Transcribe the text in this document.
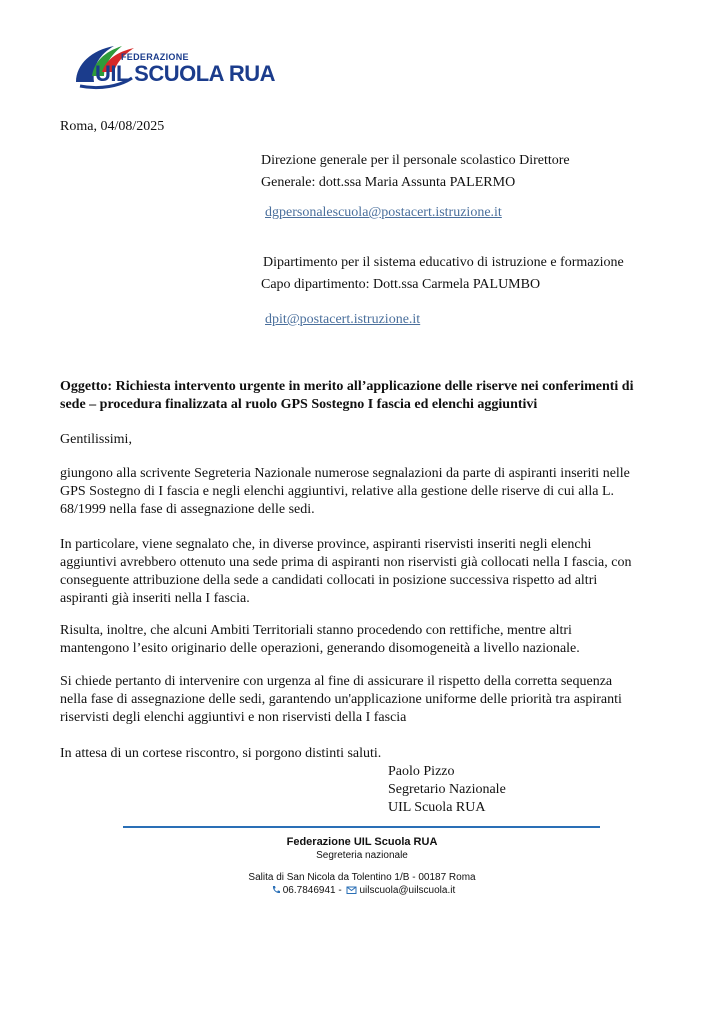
FEDERAZIONE
UIL SCUOLA RUA
Roma, 04/08/2025
Direzione generale per il personale scolastico Direttore
Generale: dott.ssa Maria Assunta PALERMO
dgpersonalescuola@postacert.istruzione.it
Dipartimento per il sistema educativo di istruzione e formazione
Capo dipartimento: Dott.ssa Carmela PALUMBO
dpit@postacert.istruzione.it
Oggetto: Richiesta intervento urgente in merito all’applicazione delle riserve nei conferimenti di
sede – procedura finalizzata al ruolo GPS Sostegno I fascia ed elenchi aggiuntivi
Gentilissimi,

giungono alla scrivente Segreteria Nazionale numerose segnalazioni da parte di aspiranti inseriti nelle

GPS Sostegno di I fascia e negli elenchi aggiuntivi, relative alla gestione delle riserve di cui alla L.

68/1999 nella fase di assegnazione delle sedi.

In particolare, viene segnalato che, in diverse province, aspiranti riservisti inseriti negli elenchi

aggiuntivi avrebbero ottenuto una sede prima di aspiranti non riservisti già collocati nella I fascia, con

conseguente attribuzione della sede a candidati collocati in posizione successiva rispetto ad altri

aspiranti già inseriti nella I fascia.

Risulta, inoltre, che alcuni Ambiti Territoriali stanno procedendo con rettifiche, mentre altri

mantengono l’esito originario delle operazioni, generando disomogeneità a livello nazionale.

Si chiede pertanto di intervenire con urgenza al fine di assicurare il rispetto della corretta sequenza

nella fase di assegnazione delle sedi, garantendo un'applicazione uniforme delle priorità tra aspiranti

riservisti degli elenchi aggiuntivi e non riservisti della I fascia

In attesa di un cortese riscontro, si porgono distinti saluti.
Paolo Pizzo
Segretario Nazionale
UIL Scuola RUA
Federazione UIL Scuola RUA
Segreteria nazionale
Salita di San Nicola da Tolentino 1/B - 00187 Roma
06.7846941 - uilscuola@uilscuola.it
